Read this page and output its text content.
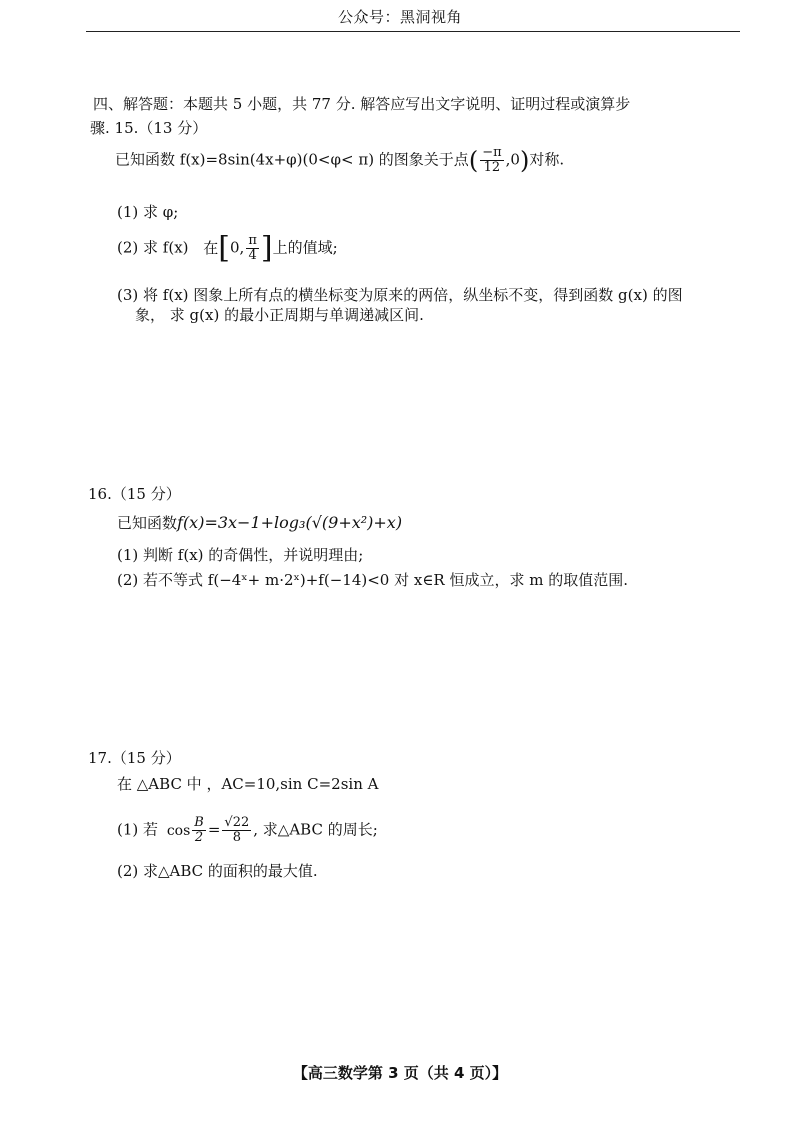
公众号：黑洞视角
四、解答题：本题共 5 小题，共 77 分. 解答应写出文字说明、证明过程或演算步
骤. 15.（13 分）
已知函数 f(x)=8sin(4x+φ)(0<φ< π) 的图象关于点( $\frac{-\pi}{12} ,0$)对称.
(1) 求 φ;
(2) 求 f(x) 在[0, $\frac{\pi}{4}$ ]上的值域;
(3) 将 f(x) 图象上所有点的横坐标变为原来的两倍，纵坐标不变，得到函数 g(x) 的图
象， 求 g(x) 的最小正周期与单调递减区间.
16.（15 分）
已知函数f(x)=3x−1+log₃(√(9+x²)+x)
(1) 判断 f(x) 的奇偶性，并说明理由;
(2) 若不等式 f(−4ˣ+ m·2ˣ)+f(−14)<0 对 x∈R 恒成立，求 m 的取值范围.
17.（15 分）
在 △ABC 中 ，AC=10,sin C=2sin A
(1) 若 $\cos \frac{B}{2} = \frac{√22}{8}$ , 求△ABC 的周长;
(2) 求△ABC 的面积的最大值.
【高三数学第 3 页（共 4 页）】
